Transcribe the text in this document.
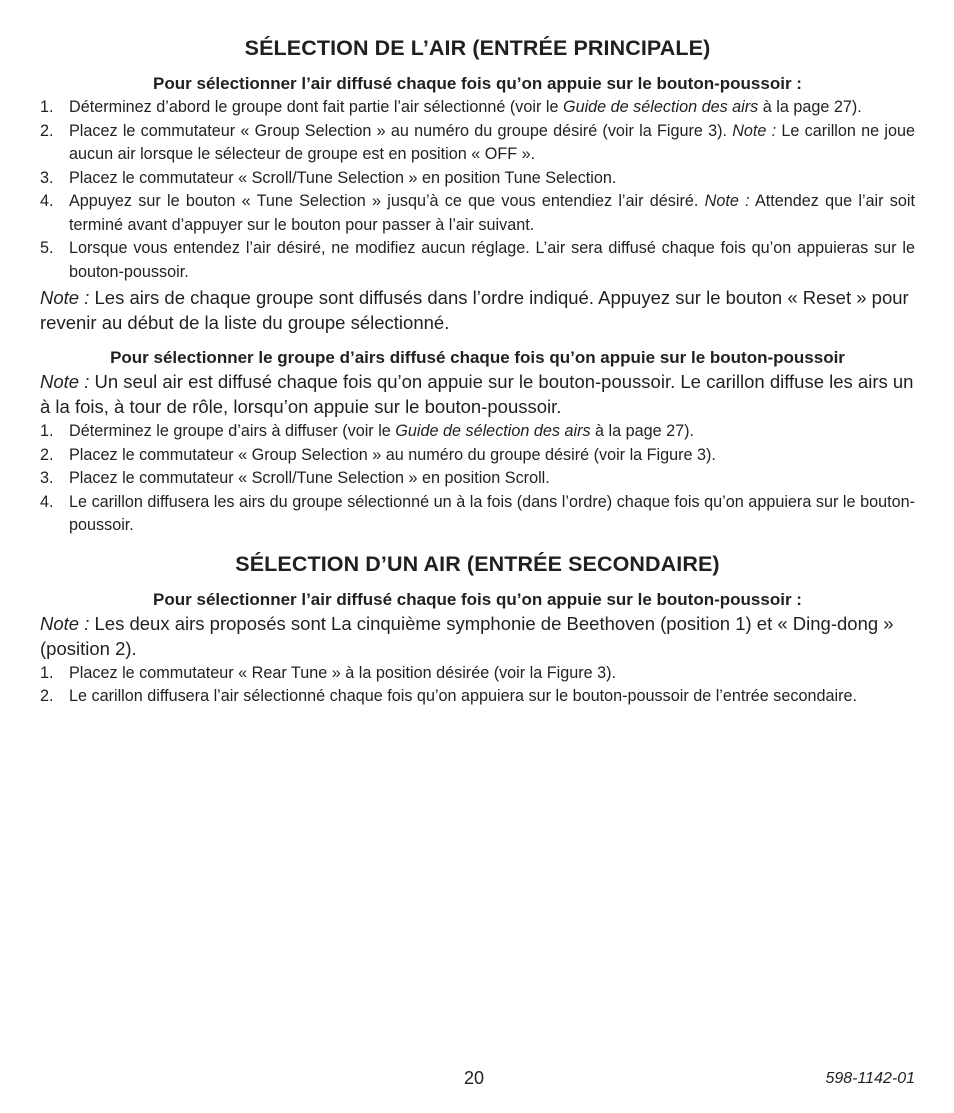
SÉLECTION DE L’AIR (ENTRÉE PRINCIPALE)
Pour sélectionner l’air diffusé chaque fois qu’on appuie sur le bouton-poussoir :
1. Déterminez d’abord le groupe dont fait partie l’air sélectionné (voir le Guide de sélection des airs à la page 27).
2. Placez le commutateur « Group Selection » au numéro du groupe désiré (voir la Figure 3). Note : Le carillon ne joue aucun air lorsque le sélecteur de groupe est en position « OFF ».
3. Placez le commutateur « Scroll/Tune Selection » en position Tune Selection.
4. Appuyez sur le bouton « Tune Selection » jusqu’à ce que vous entendiez l’air désiré. Note : Attendez que l’air soit terminé avant d’appuyer sur le bouton pour passer à l’air suivant.
5. Lorsque vous entendez l’air désiré, ne modifiez aucun réglage. L’air sera diffusé chaque fois qu’on appuieras sur le bouton-poussoir.

Note : Les airs de chaque groupe sont diffusés dans l’ordre indiqué. Appuyez sur le bouton « Reset » pour revenir au début de la liste du groupe sélectionné.

Pour sélectionner le groupe d’airs diffusé chaque fois qu’on appuie sur le bouton-poussoir

Note : Un seul air est diffusé chaque fois qu’on appuie sur le bouton-poussoir. Le carillon diffuse les airs un à la fois, à tour de rôle, lorsqu’on appuie sur le bouton-poussoir.

1. Déterminez le groupe d’airs à diffuser (voir le Guide de sélection des airs à la page 27).
2. Placez le commutateur « Group Selection » au numéro du groupe désiré (voir la Figure 3).
3. Placez le commutateur « Scroll/Tune Selection » en position Scroll.
4. Le carillon diffusera les airs du groupe sélectionné un à la fois (dans l’ordre) chaque fois qu’on appuiera sur le bouton-poussoir.
SÉLECTION D’UN AIR (ENTRÉE SECONDAIRE)
Pour sélectionner l’air diffusé chaque fois qu’on appuie sur le bouton-poussoir :

Note : Les deux airs proposés sont La cinquième symphonie de Beethoven (position 1) et « Ding-dong » (position 2).

1. Placez le commutateur « Rear Tune » à la position désirée (voir la Figure 3).
2. Le carillon diffusera l’air sélectionné chaque fois qu’on appuiera sur le bouton-poussoir de l’entrée secondaire.
20	598-1142-01
